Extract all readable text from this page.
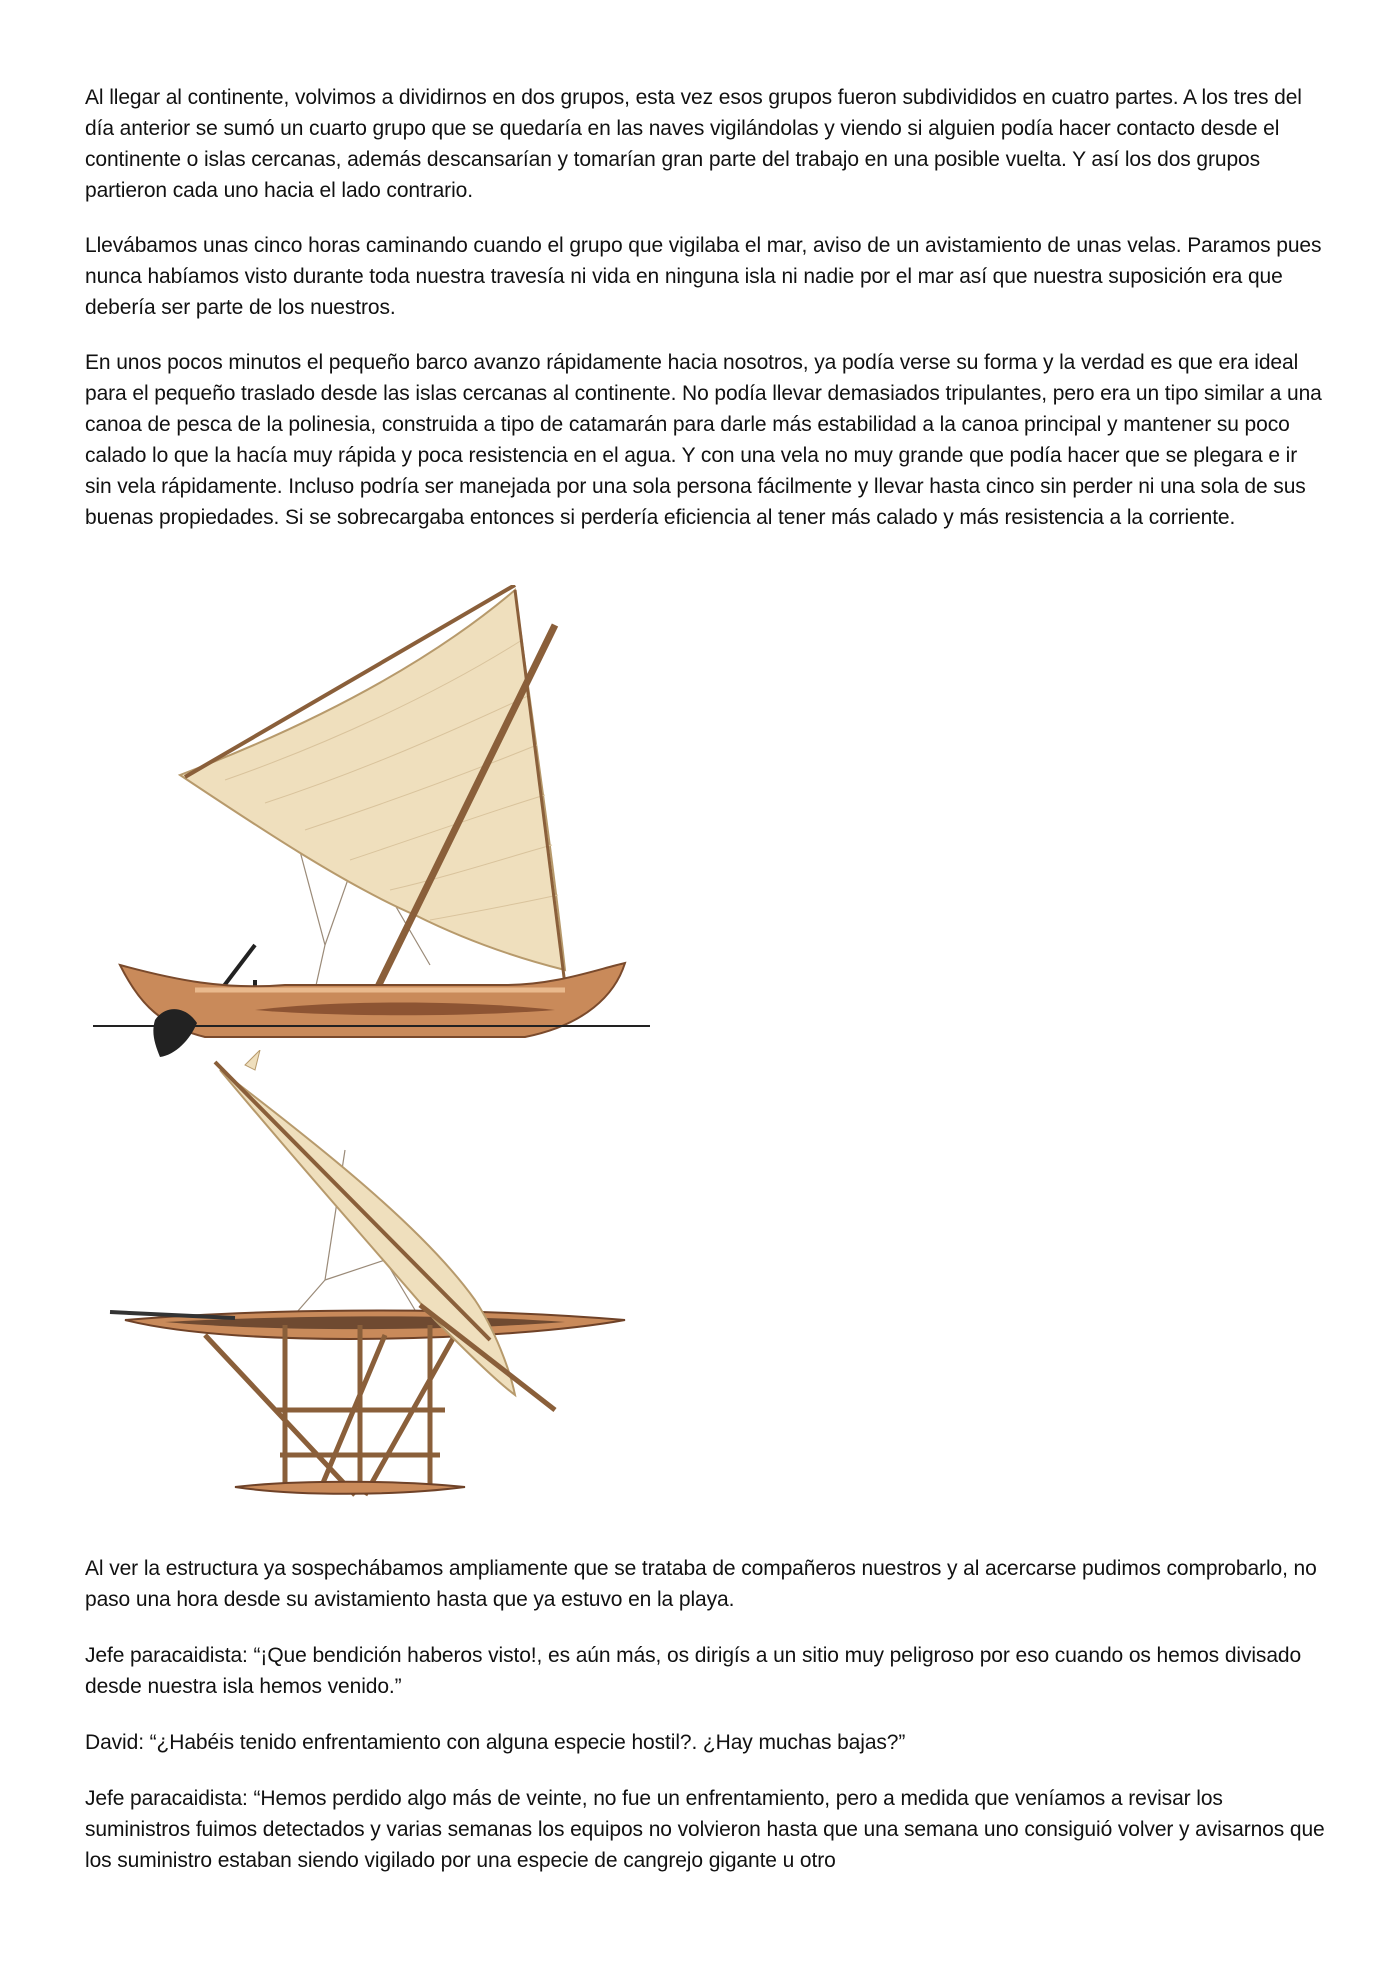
Al llegar al continente, volvimos a dividirnos en dos grupos, esta vez esos grupos fueron subdivididos en cuatro partes. A los tres del día anterior se sumó un cuarto grupo que se quedaría en las naves vigilándolas y viendo si alguien podía hacer contacto desde el continente o islas cercanas, además descansarían y tomarían gran parte del trabajo en una posible vuelta. Y así los dos grupos partieron cada uno hacia el lado contrario.

Llevábamos unas cinco horas caminando cuando el grupo que vigilaba el mar, aviso de un avistamiento de unas velas. Paramos pues nunca habíamos visto durante toda nuestra travesía ni vida en ninguna isla ni nadie por el mar así que nuestra suposición era que debería ser parte de los nuestros.

En unos pocos minutos el pequeño barco avanzo rápidamente hacia nosotros, ya podía verse su forma y la verdad es que era ideal para el pequeño traslado desde las islas cercanas al continente. No podía llevar demasiados tripulantes, pero era un tipo similar a una canoa de pesca de la polinesia, construida a tipo de catamarán para darle más estabilidad a la canoa principal y mantener su poco calado lo que la hacía muy rápida y poca resistencia en el agua. Y con una vela no muy grande que podía hacer que se plegara e ir sin vela rápidamente. Incluso podría ser manejada por una sola persona fácilmente y llevar hasta cinco sin perder ni una sola de sus buenas propiedades. Si se sobrecargaba entonces si perdería eficiencia al tener más calado y más resistencia a la corriente.

Al ver la estructura ya sospechábamos ampliamente que se trataba de compañeros nuestros y al acercarse pudimos comprobarlo, no paso una hora desde su avistamiento hasta que ya estuvo en la playa.

Jefe paracaidista: “¡Que bendición haberos visto!, es aún más, os dirigís a un sitio muy peligroso por eso cuando os hemos divisado desde nuestra isla hemos venido.”

David: “¿Habéis tenido enfrentamiento con alguna especie hostil?. ¿Hay muchas bajas?”

Jefe paracaidista: “Hemos perdido algo más de veinte, no fue un enfrentamiento, pero a medida que veníamos a revisar los suministros fuimos detectados y varias semanas los equipos no volvieron hasta que una semana uno consiguió volver y avisarnos que los suministro estaban siendo vigilado por una especie de cangrejo gigante u otro
